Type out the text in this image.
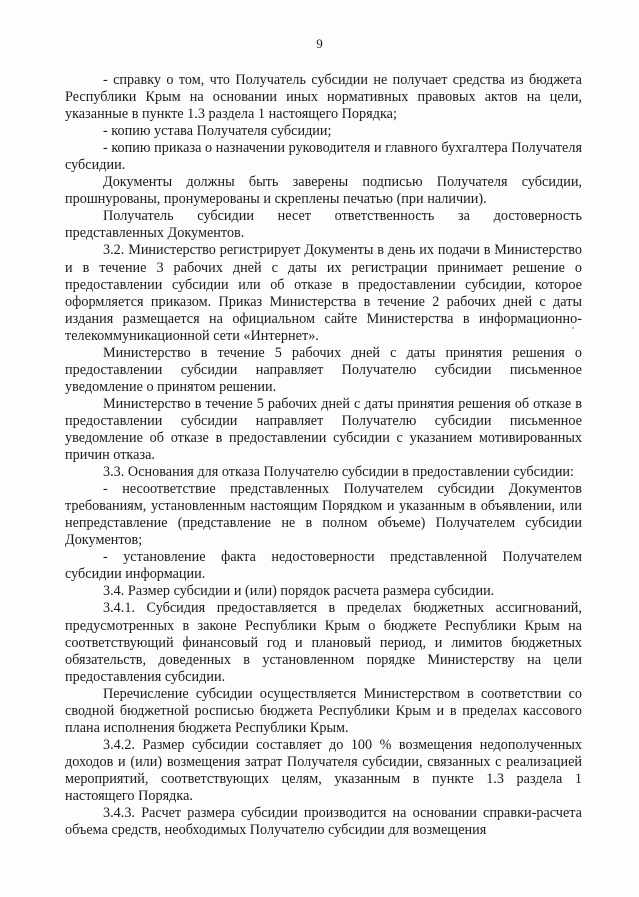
9

- справку о том, что Получатель субсидии не получает средства из бюджета Республики Крым на основании иных нормативных правовых актов на цели, указанные в пункте 1.3 раздела 1 настоящего Порядка;

- копию устава Получателя субсидии;

- копию приказа о назначении руководителя и главного бухгалтера Получателя субсидии.

Документы должны быть заверены подписью Получателя субсидии, прошнурованы, пронумерованы и скреплены печатью (при наличии).

Получатель субсидии несет ответственность за достоверность представленных Документов.

3.2. Министерство регистрирует Документы в день их подачи в Министерство и в течение 3 рабочих дней с даты их регистрации принимает решение о предоставлении субсидии или об отказе в предоставлении субсидии, которое оформляется приказом. Приказ Министерства в течение 2 рабочих дней с даты издания размещается на официальном сайте Министерства в информационно-телекоммуникационной сети «Интернет».

Министерство в течение 5 рабочих дней с даты принятия решения о предоставлении субсидии направляет Получателю субсидии письменное уведомление о принятом решении.

Министерство в течение 5 рабочих дней с даты принятия решения об отказе в предоставлении субсидии направляет Получателю субсидии письменное уведомление об отказе в предоставлении субсидии с указанием мотивированных причин отказа.

3.3. Основания для отказа Получателю субсидии в предоставлении субсидии:

- несоответствие представленных Получателем субсидии Документов требованиям, установленным настоящим Порядком и указанным в объявлении, или непредставление (представление не в полном объеме) Получателем субсидии Документов;

- установление факта недостоверности представленной Получателем субсидии информации.

3.4. Размер субсидии и (или) порядок расчета размера субсидии.

3.4.1. Субсидия предоставляется в пределах бюджетных ассигнований, предусмотренных в законе Республики Крым о бюджете Республики Крым на соответствующий финансовый год и плановый период, и лимитов бюджетных обязательств, доведенных в установленном порядке Министерству на цели предоставления субсидии.

Перечисление субсидии осуществляется Министерством в соответствии со сводной бюджетной росписью бюджета Республики Крым и в пределах кассового плана исполнения бюджета Республики Крым.

3.4.2. Размер субсидии составляет до 100 % возмещения недополученных доходов и (или) возмещения затрат Получателя субсидии, связанных с реализацией мероприятий, соответствующих целям, указанным в пункте 1.3 раздела 1 настоящего Порядка.

3.4.3. Расчет размера субсидии производится на основании справки-расчета объема средств, необходимых Получателю субсидии для возмещения
